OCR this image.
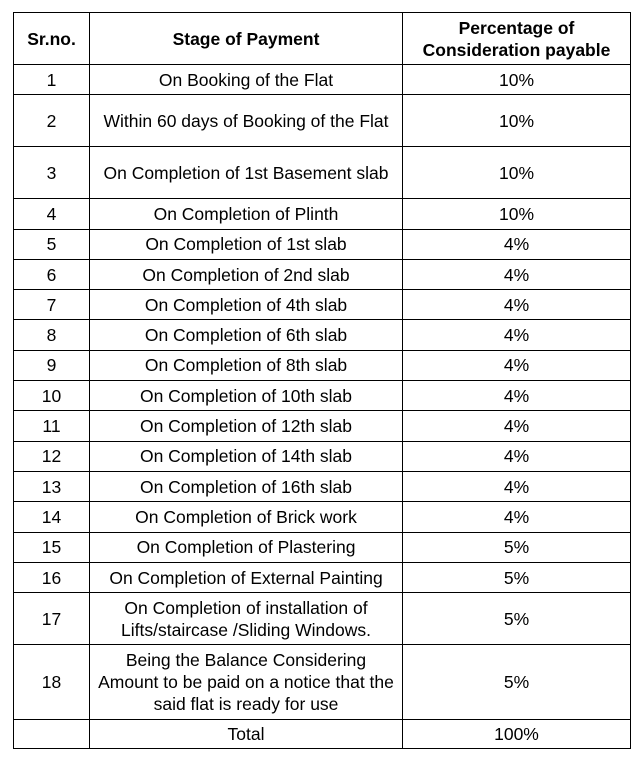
Sr.no.	Stage of Payment	Percentage of Consideration payable
1	On Booking of the Flat	10%
2	Within 60 days of Booking of the Flat	10%
3	On Completion of 1st Basement slab	10%
4	On Completion of Plinth	10%
5	On Completion of 1st slab	4%
6	On Completion of 2nd slab	4%
7	On Completion of 4th slab	4%
8	On Completion of 6th slab	4%
9	On Completion of 8th slab	4%
10	On Completion of 10th slab	4%
11	On Completion of 12th slab	4%
12	On Completion of 14th slab	4%
13	On Completion of 16th slab	4%
14	On Completion of Brick work	4%
15	On Completion of Plastering	5%
16	On Completion of External Painting	5%
17	On Completion of installation of Lifts/staircase /Sliding Windows.	5%
18	Being the Balance Considering Amount to be paid on a notice that the said flat is ready for use	5%
	Total	100%
